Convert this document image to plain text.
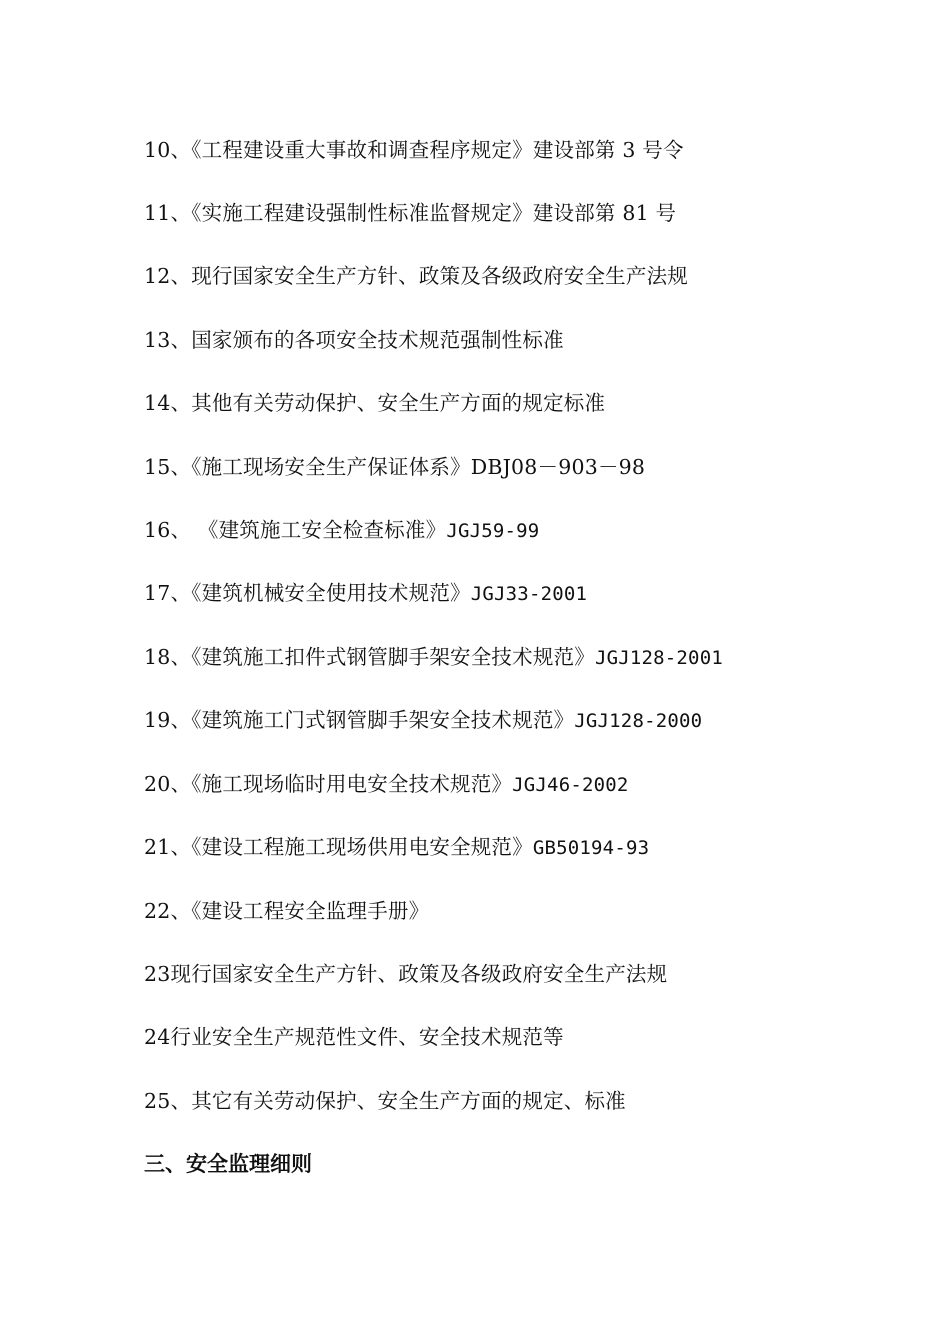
10、《工程建设重大事故和调查程序规定》建设部第 3 号令
11、《实施工程建设强制性标准监督规定》建设部第 81 号
12、现行国家安全生产方针、政策及各级政府安全生产法规
13、国家颁布的各项安全技术规范强制性标准
14、其他有关劳动保护、安全生产方面的规定标准
15、《施工现场安全生产保证体系》DBJ08－903－98
16、 《建筑施工安全检查标准》JGJ59-99
17、《建筑机械安全使用技术规范》JGJ33-2001
18、《建筑施工扣件式钢管脚手架安全技术规范》JGJ128-2001
19、《建筑施工门式钢管脚手架安全技术规范》JGJ128-2000
20、《施工现场临时用电安全技术规范》JGJ46-2002
21、《建设工程施工现场供用电安全规范》GB50194-93
22、《建设工程安全监理手册》
23现行国家安全生产方针、政策及各级政府安全生产法规
24行业安全生产规范性文件、安全技术规范等
25、其它有关劳动保护、安全生产方面的规定、标准
三、安全监理细则
